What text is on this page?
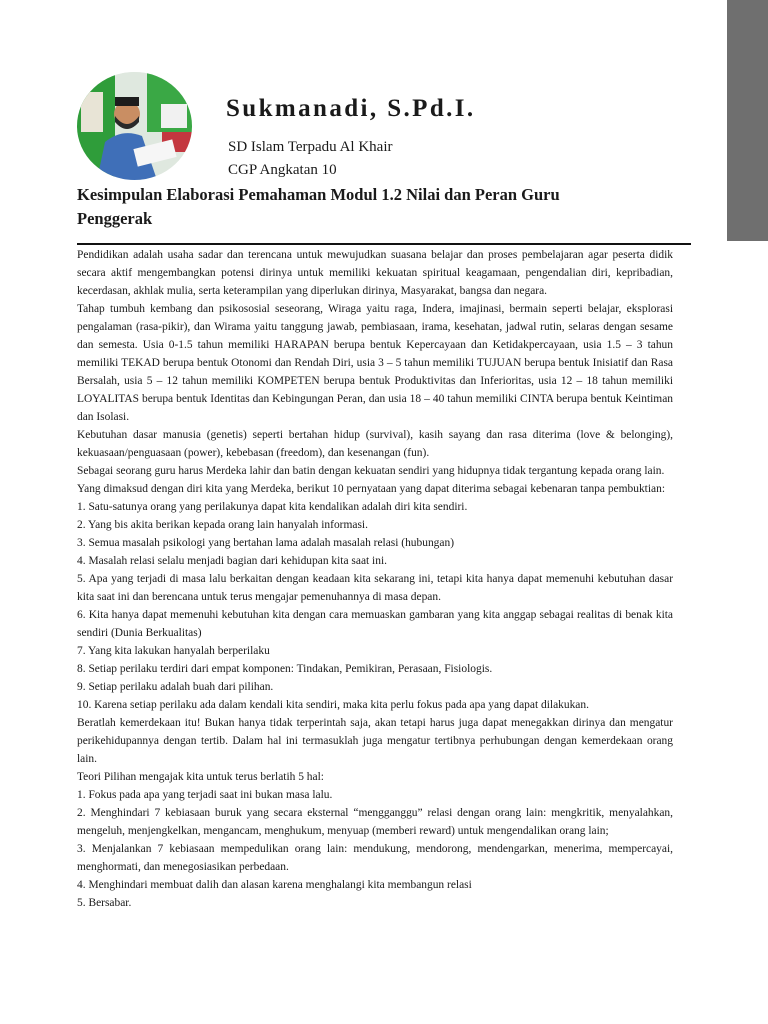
Sukmanadi, S.Pd.I.
SD Islam Terpadu Al Khair
CGP Angkatan 10
Kesimpulan Elaborasi Pemahaman Modul 1.2 Nilai dan Peran Guru Penggerak

Pendidikan adalah usaha sadar dan terencana untuk mewujudkan suasana belajar dan proses pembelajaran agar peserta didik secara aktif mengembangkan potensi dirinya untuk memiliki kekuatan spiritual keagamaan, pengendalian diri, kepribadian, kecerdasan, akhlak mulia, serta keterampilan yang diperlukan dirinya, Masyarakat, bangsa dan negara.

Tahap tumbuh kembang dan psikososial seseorang, Wiraga yaitu raga, Indera, imajinasi, bermain seperti belajar, eksplorasi pengalaman (rasa-pikir), dan Wirama yaitu tanggung jawab, pembiasaan, irama, kesehatan, jadwal rutin, selaras dengan sesame dan semesta. Usia 0-1.5 tahun memiliki HARAPAN berupa bentuk Kepercayaan dan Ketidakpercayaan, usia 1.5 – 3 tahun memiliki TEKAD berupa bentuk Otonomi dan Rendah Diri, usia 3 – 5 tahun memiliki TUJUAN berupa bentuk Inisiatif dan Rasa Bersalah, usia 5 – 12 tahun memiliki KOMPETEN berupa bentuk Produktivitas dan Inferioritas, usia 12 – 18 tahun memiliki LOYALITAS berupa bentuk Identitas dan Kebingungan Peran, dan usia 18 – 40 tahun memiliki CINTA berupa bentuk Keintiman dan Isolasi.

Kebutuhan dasar manusia (genetis) seperti bertahan hidup (survival), kasih sayang dan rasa diterima (love & belonging), kekuasaan/penguasaan (power), kebebasan (freedom), dan kesenangan (fun).

Sebagai seorang guru harus Merdeka lahir dan batin dengan kekuatan sendiri yang hidupnya tidak tergantung kepada orang lain.

Yang dimaksud dengan diri kita yang Merdeka, berikut 10 pernyataan yang dapat diterima sebagai kebenaran tanpa pembuktian:

1. Satu-satunya orang yang perilakunya dapat kita kendalikan adalah diri kita sendiri.

2. Yang bis akita berikan kepada orang lain hanyalah informasi.

3. Semua masalah psikologi yang bertahan lama adalah masalah relasi (hubungan)

4. Masalah relasi selalu menjadi bagian dari kehidupan kita saat ini.

5. Apa yang terjadi di masa lalu berkaitan dengan keadaan kita sekarang ini, tetapi kita hanya dapat memenuhi kebutuhan dasar kita saat ini dan berencana untuk terus mengajar pemenuhannya di masa depan.

6. Kita hanya dapat memenuhi kebutuhan kita dengan cara memuaskan gambaran yang kita anggap sebagai realitas di benak kita sendiri (Dunia Berkualitas)

7. Yang kita lakukan hanyalah berperilaku

8. Setiap perilaku terdiri dari empat komponen: Tindakan, Pemikiran, Perasaan, Fisiologis.

9. Setiap perilaku adalah buah dari pilihan.

10. Karena setiap perilaku ada dalam kendali kita sendiri, maka kita perlu fokus pada apa yang dapat dilakukan.

Beratlah kemerdekaan itu! Bukan hanya tidak terperintah saja, akan tetapi harus juga dapat menegakkan dirinya dan mengatur perikehidupannya dengan tertib. Dalam hal ini termasuklah juga mengatur tertibnya perhubungan dengan kemerdekaan orang lain.

Teori Pilihan mengajak kita untuk terus berlatih 5 hal:

1. Fokus pada apa yang terjadi saat ini bukan masa lalu.

2. Menghindari 7 kebiasaan buruk yang secara eksternal “mengganggu” relasi dengan orang lain: mengkritik, menyalahkan, mengeluh, menjengkelkan, mengancam, menghukum, menyuap (memberi reward) untuk mengendalikan orang lain;

3. Menjalankan 7 kebiasaan mempedulikan orang lain: mendukung, mendorong, mendengarkan, menerima, mempercayai, menghormati, dan menegosiasikan perbedaan.

4. Menghindari membuat dalih dan alasan karena menghalangi kita membangun relasi

5. Bersabar.
